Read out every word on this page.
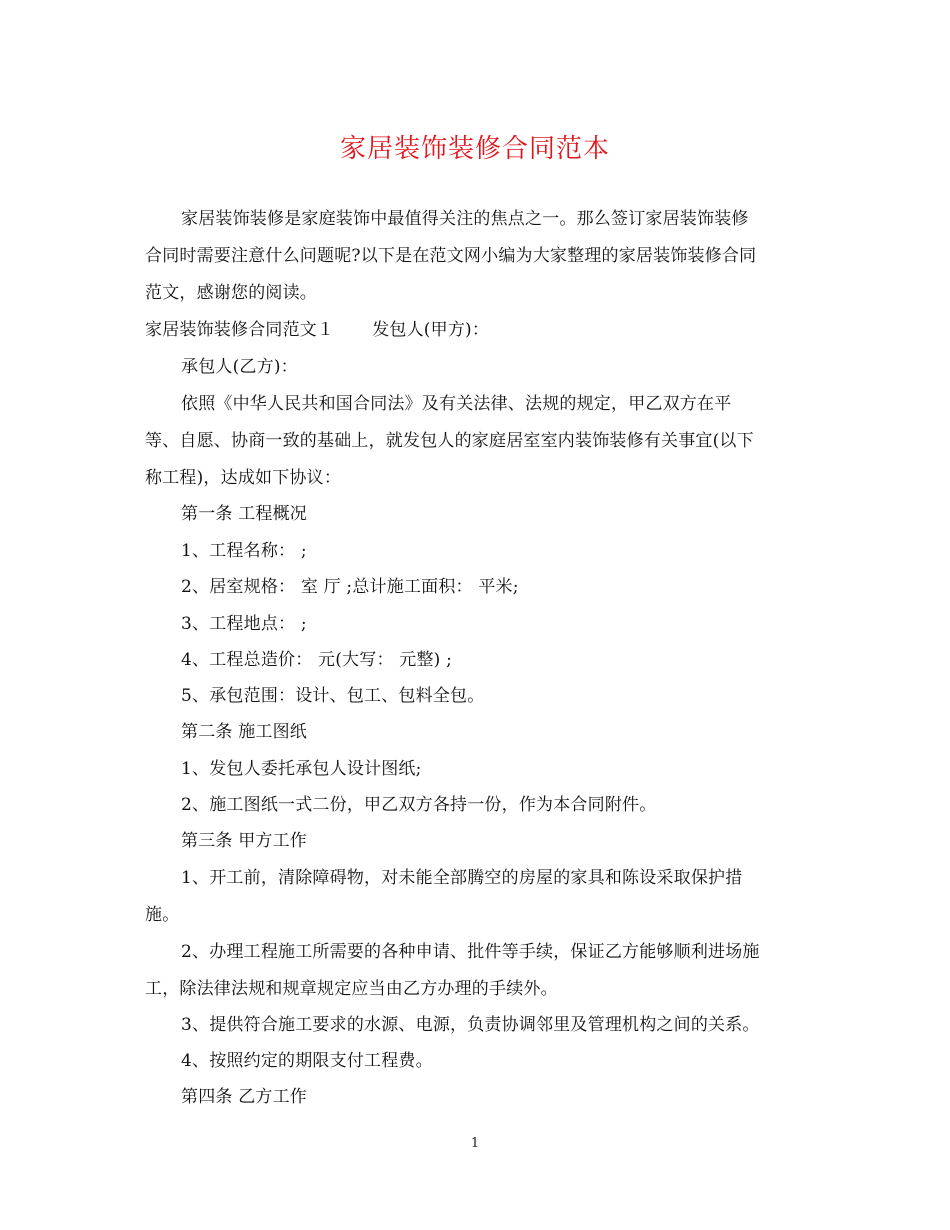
家居装饰装修合同范本
家居装饰装修是家庭装饰中最值得关注的焦点之一。那么签订家居装饰装修
合同时需要注意什么问题呢?以下是在范文网小编为大家整理的家居装饰装修合同
范文，感谢您的阅读。
家居装饰装修合同范文１ 发包人(甲方)：
承包人(乙方)：
依照《中华人民共和国合同法》及有关法律、法规的规定，甲乙双方在平
等、自愿、协商一致的基础上，就发包人的家庭居室室内装饰装修有关事宜(以下
称工程)，达成如下协议：
第一条 工程概况
1、工程名称： ;
2、居室规格： 室 厅 ;总计施工面积： 平米;
3、工程地点： ;
4、工程总造价： 元(大写： 元整) ;
5、承包范围：设计、包工、包料全包。
第二条 施工图纸
1、发包人委托承包人设计图纸;
2、施工图纸一式二份，甲乙双方各持一份，作为本合同附件。
第三条 甲方工作
1、开工前，清除障碍物，对未能全部腾空的房屋的家具和陈设采取保护措
施。
2、办理工程施工所需要的各种申请、批件等手续，保证乙方能够顺利进场施
工，除法律法规和规章规定应当由乙方办理的手续外。
3、提供符合施工要求的水源、电源，负责协调邻里及管理机构之间的关系。
4、按照约定的期限支付工程费。
第四条 乙方工作
1
